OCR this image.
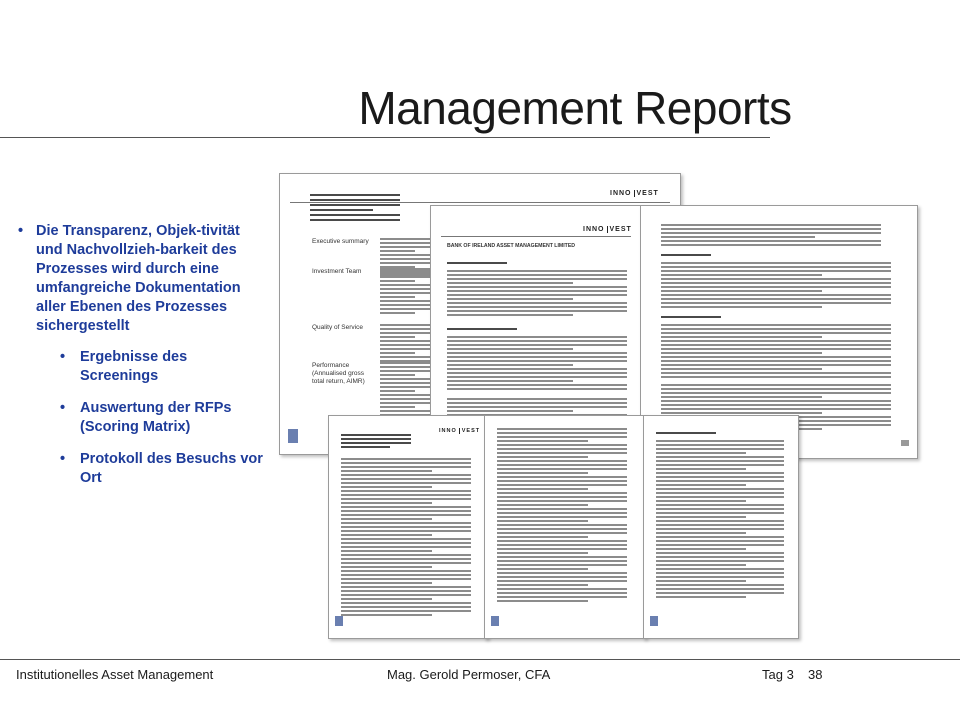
Management Reports
• Die Transparenz, Objek-tivität und Nachvollzieh-barkeit des Prozesses wird durch eine umfangreiche Dokumentation aller Ebenen des Prozesses sichergestellt
• Ergebnisse des Screenings
• Auswertung der RFPs (Scoring Matrix)
• Protokoll des Besuchs vor Ort
INNO VEST
Executive summary
Investment Team
Quality of Service
Performance (Annualised gross total return, AIMR)
INNO VEST
BANK OF IRELAND ASSET MANAGEMENT LIMITED
INNO VEST
Institutionelles Asset Management	Mag. Gerold Permoser, CFA	Tag 3 38
